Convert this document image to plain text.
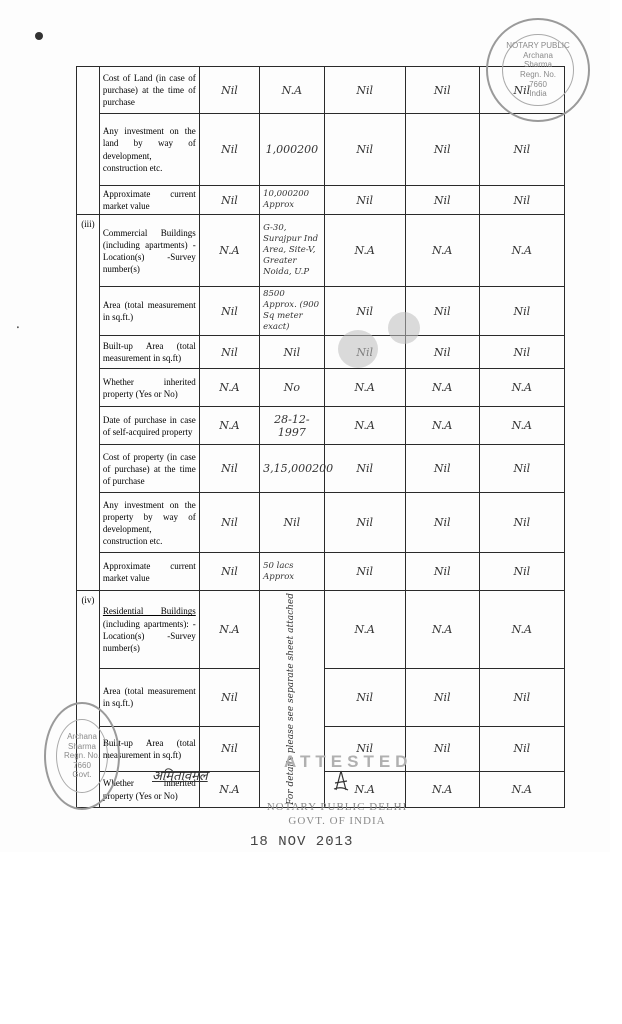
⸱
	Cost of Land (in case of purchase) at the time of purchase	Nil	N.A	Nil	Nil	Nil
	Any investment on the land by way of development, construction etc.	Nil	1,000200	Nil	Nil	Nil
	Approximate current market value	Nil	10,000200 Approx	Nil	Nil	Nil
(iii)	Commercial Buildings (including apartments) -Location(s) -Survey number(s)	N.A	G-30, Surajpur Ind Area, Site-V, Greater Noida, U.P	N.A	N.A	N.A
	Area (total measurement in sq.ft.)	Nil	8500 Approx. (900 Sq meter exact)	Nil	Nil	Nil
	Built-up Area (total measurement in sq.ft)	Nil	Nil		Nil	Nil
	Whether inherited property (Yes or No)	N.A	No	N.A	N.A	N.A
	Date of purchase in case of self-acquired property	N.A	28-12-1997	N.A	N.A	N.A
	Cost of property (in case of purchase) at the time of purchase	Nil	3,15,000200	Nil	Nil	Nil
	Any investment on the property by way of development, construction etc.	Nil	Nil	Nil	Nil	Nil
	Approximate current market value	Nil	50 lacs Approx	Nil	Nil	Nil
(iv)	Residential Buildings (including apartments): -Location(s) -Survey number(s)	N.A	For details please see separate sheet attached	N.A	N.A	N.A
	Area (total measurement in sq.ft.)	Nil		Nil	Nil	Nil
	Built-up Area (total measurement in sq.ft)	Nil		Nil	Nil	Nil
	Whether inherited property (Yes or No)	N.A		N.A	N.A	N.A
NOTARY PUBLIC
Archana
Sharma
Regn. No.
7660
India
Archana
Sharma
Regn. No.
7660
Govt.	अमितावमल
ATTESTED
NOTARY PUBLIC DELHI
GOVT. OF INDIA
18 NOV 2013
